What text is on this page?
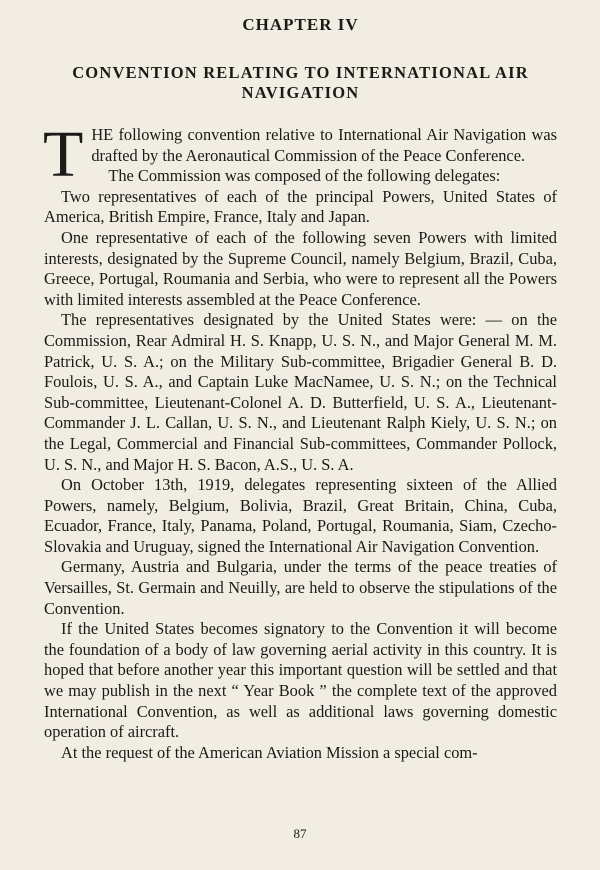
CHAPTER IV
CONVENTION RELATING TO INTERNATIONAL AIR
NAVIGATION

THE following convention relative to International Air Navigation was drafted by the Aeronautical Commission of the Peace Conference.

The Commission was composed of the following delegates:

Two representatives of each of the principal Powers, United States of America, British Empire, France, Italy and Japan.

One representative of each of the following seven Powers with limited interests, designated by the Supreme Council, namely Belgium, Brazil, Cuba, Greece, Portugal, Roumania and Serbia, who were to represent all the Powers with limited interests assembled at the Peace Conference.

The representatives designated by the United States were: — on the Commission, Rear Admiral H. S. Knapp, U. S. N., and Major General M. M. Patrick, U. S. A.; on the Military Sub-committee, Brigadier General B. D. Foulois, U. S. A., and Captain Luke MacNamee, U. S. N.; on the Technical Sub-committee, Lieutenant-Colonel A. D. Butterfield, U. S. A., Lieutenant-Commander J. L. Callan, U. S. N., and Lieutenant Ralph Kiely, U. S. N.; on the Legal, Commercial and Financial Sub-committees, Commander Pollock, U. S. N., and Major H. S. Bacon, A.S., U. S. A.

On October 13th, 1919, delegates representing sixteen of the Allied Powers, namely, Belgium, Bolivia, Brazil, Great Britain, China, Cuba, Ecuador, France, Italy, Panama, Poland, Portugal, Roumania, Siam, Czecho-Slovakia and Uruguay, signed the International Air Navigation Convention.

Germany, Austria and Bulgaria, under the terms of the peace treaties of Versailles, St. Germain and Neuilly, are held to observe the stipulations of the Convention.

If the United States becomes signatory to the Convention it will become the foundation of a body of law governing aerial activity in this country. It is hoped that before another year this important question will be settled and that we may publish in the next “ Year Book ” the complete text of the approved International Convention, as well as additional laws governing domestic operation of aircraft.

At the request of the American Aviation Mission a special com-

87
